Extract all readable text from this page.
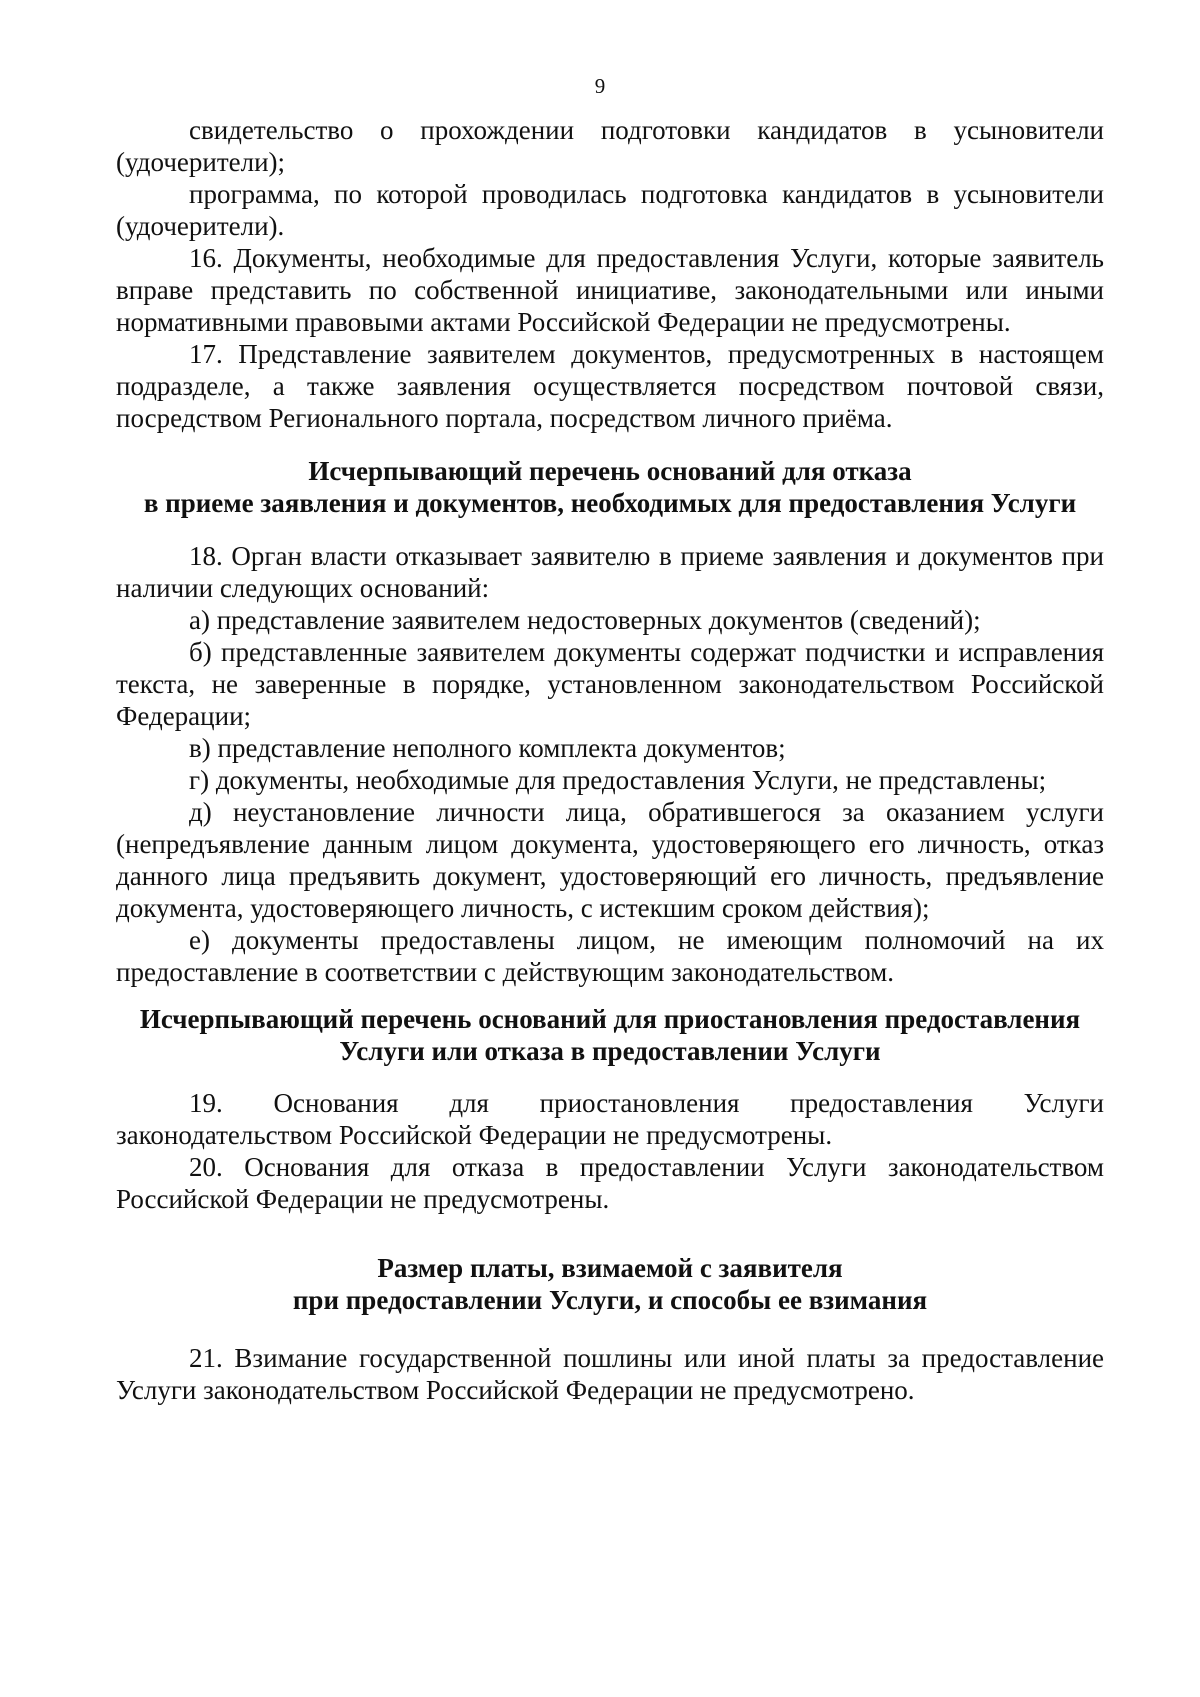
9

свидетельство о прохождении подготовки кандидатов в усыновители (удочерители);

программа, по которой проводилась подготовка кандидатов в усыновители (удочерители).

16. Документы, необходимые для предоставления Услуги, которые заявитель вправе представить по собственной инициативе, законодательными или иными нормативными правовыми актами Российской Федерации не предусмотрены.

17. Представление заявителем документов, предусмотренных в настоящем подразделе, а также заявления осуществляется посредством почтовой связи, посредством Регионального портала, посредством личного приёма.

Исчерпывающий перечень оснований для отказа
в приеме заявления и документов, необходимых для предоставления Услуги

18. Орган власти отказывает заявителю в приеме заявления и документов при наличии следующих оснований:

а) представление заявителем недостоверных документов (сведений);

б) представленные заявителем документы содержат подчистки и исправления текста, не заверенные в порядке, установленном законодательством Российской Федерации;

в) представление неполного комплекта документов;

г) документы, необходимые для предоставления Услуги, не представлены;

д) неустановление личности лица, обратившегося за оказанием услуги (непредъявление данным лицом документа, удостоверяющего его личность, отказ данного лица предъявить документ, удостоверяющий его личность, предъявление документа, удостоверяющего личность, с истекшим сроком действия);

е) документы предоставлены лицом, не имеющим полномочий на их предоставление в соответствии с действующим законодательством.

Исчерпывающий перечень оснований для приостановления предоставления
Услуги или отказа в предоставлении Услуги

19. Основания для приостановления предоставления Услуги законодательством Российской Федерации не предусмотрены.

20. Основания для отказа в предоставлении Услуги законодательством Российской Федерации не предусмотрены.

Размер платы, взимаемой с заявителя
при предоставлении Услуги, и способы ее взимания

21. Взимание государственной пошлины или иной платы за предоставление Услуги законодательством Российской Федерации не предусмотрено.
